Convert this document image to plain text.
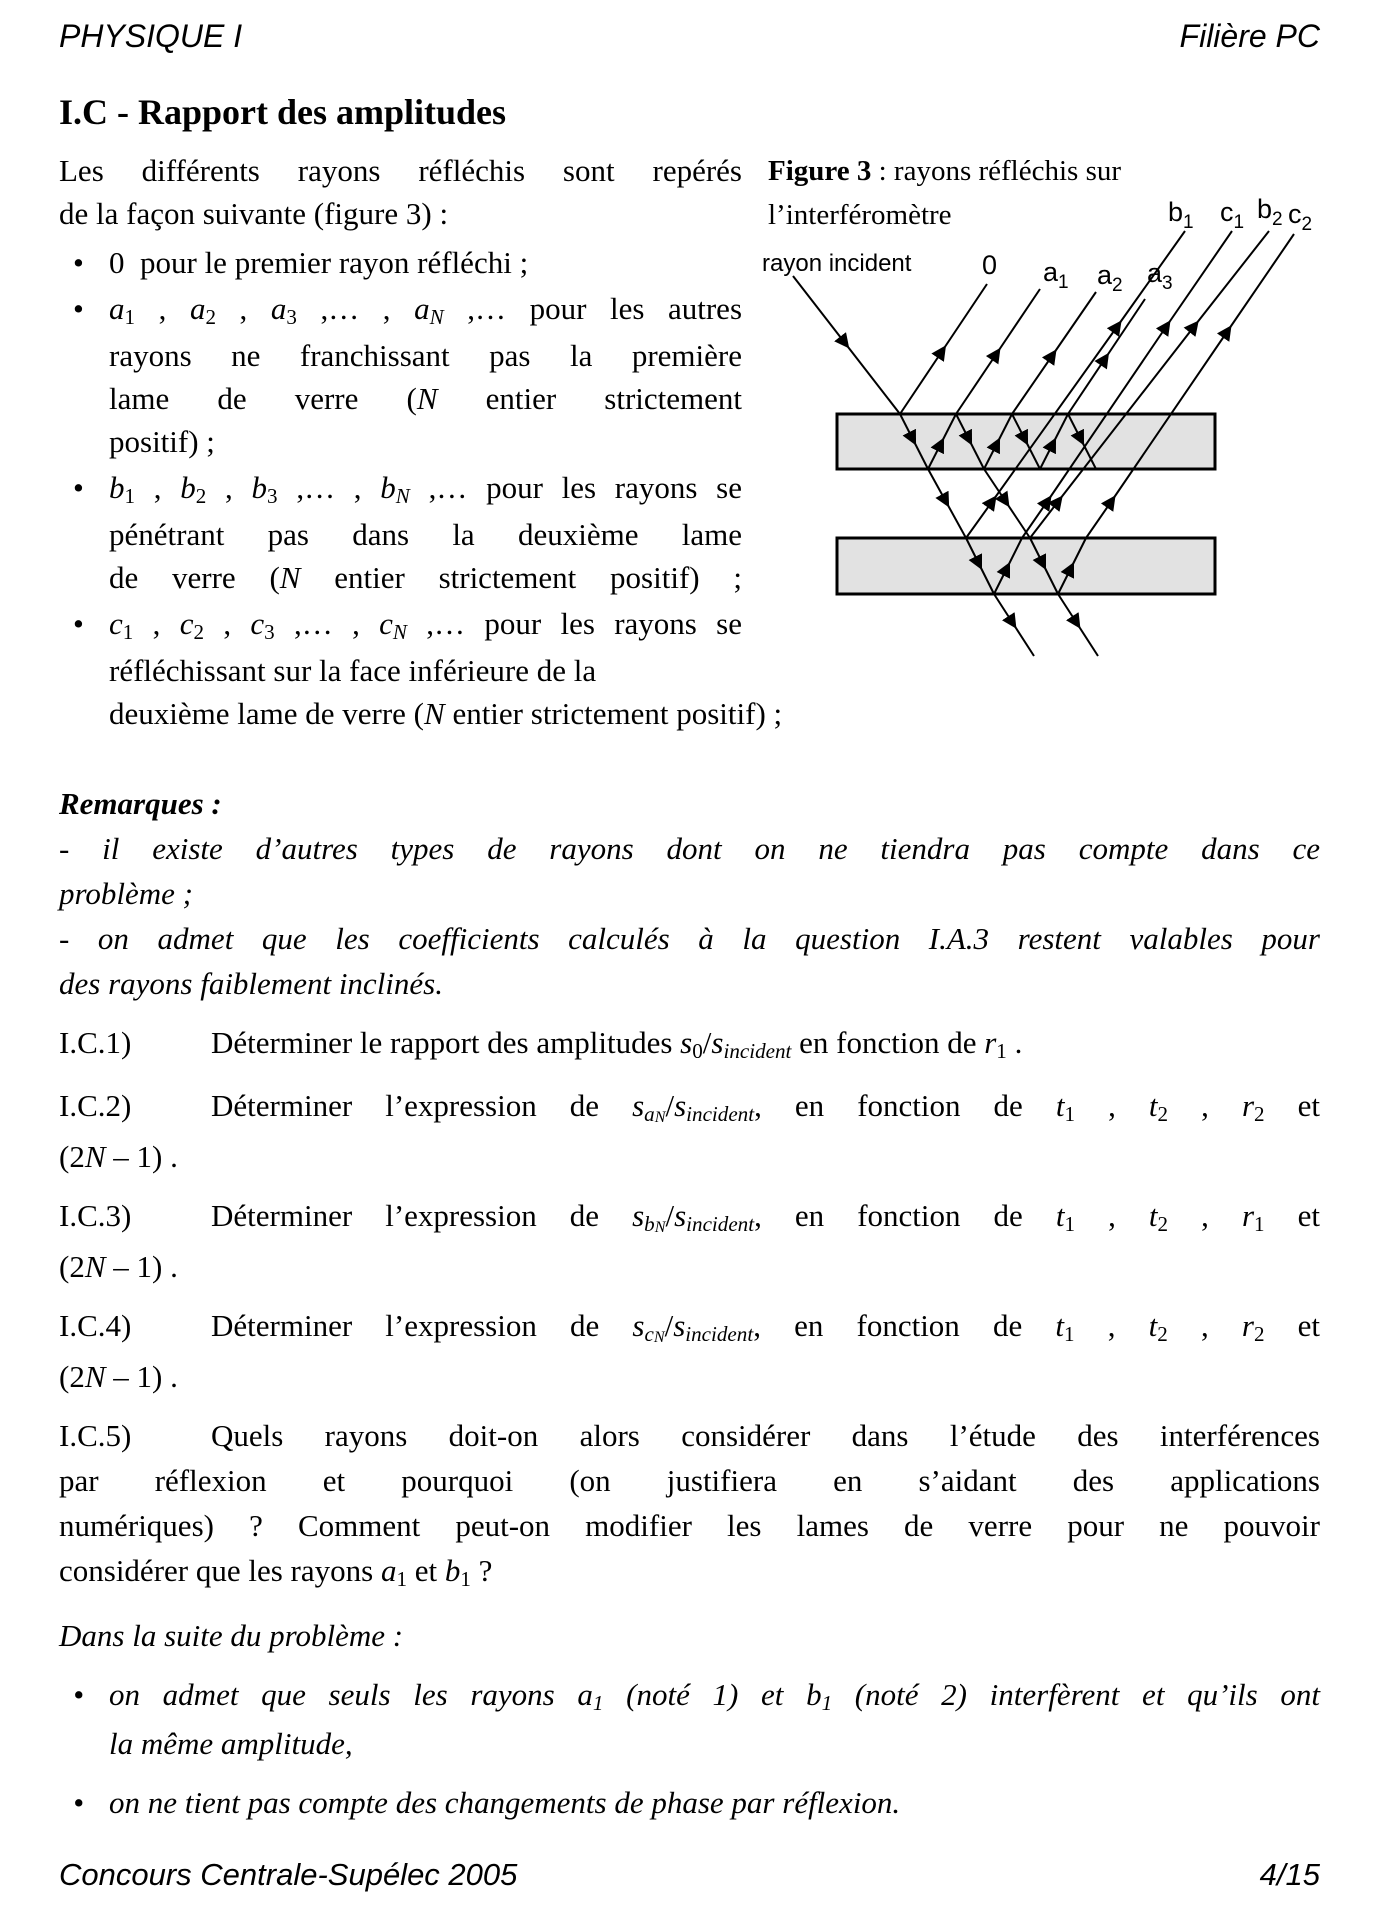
PHYSIQUE I	Filière PC
I.C - Rapport des amplitudes
Figure 3 : rayons réfléchis sur l’interféromètre
rayon incident	0 $a_1$ $a_2$ $a_3$
$b_1$ $c_1$ $b_2$ $c_2$

Les différents rayons réfléchis sont repérés
de la façon suivante (figure 3) :

• 0  pour le premier rayon réfléchi ;
• a1 , a2 , a3 ,… , aN ,… pour les autres
rayons ne franchissant pas la première
lame de verre (N entier strictement
positif) ;
• b1 , b2 , b3 ,… , bN ,… pour les rayons se
pénétrant pas dans la deuxième lame
de verre (N entier strictement positif) ;
• c1 , c2 , c3 ,… , cN ,… pour les rayons se
réfléchissant sur la face inférieure de la
deuxième lame de verre (N entier strictement positif) ;
Remarques :
- il existe d’autres types de rayons dont on ne tiendra pas compte dans ce
problème ;
- on admet que les coefficients calculés à la question I.A.3 restent valables pour
des rayons faiblement inclinés.

I.C.1)	Déterminer le rapport des amplitudes s0/sincident en fonction de r1 .

I.C.2)	Déterminer l’expression de $sa_N$/sincident, en fonction de t1 , t2 , r2 et
(2N – 1) .

I.C.3)	Déterminer l’expression de $sb_N$/sincident, en fonction de t1 , t2 , r1 et
(2N – 1) .

I.C.4)	Déterminer l’expression de $sc_N$/sincident, en fonction de t1 , t2 , r2 et
(2N – 1) .

I.C.5)	Quels rayons doit-on alors considérer dans l’étude des interférences
par réflexion et pourquoi (on justifiera en s’aidant des applications
numériques) ? Comment peut-on modifier les lames de verre pour ne pouvoir
considérer que les rayons a1 et b1 ?

Dans la suite du problème :
• on admet que seuls les rayons a1 (noté 1) et b1 (noté 2) interfèrent et qu’ils ont
la même amplitude,
• on ne tient pas compte des changements de phase par réflexion.
Concours Centrale-Supélec 2005	4/15
